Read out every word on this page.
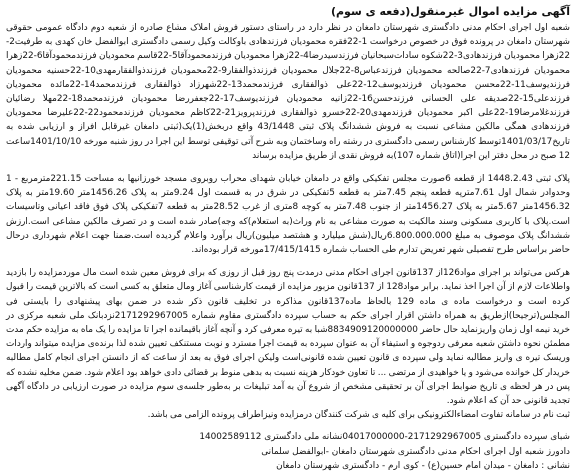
آگهی مزایده اموال غیرمنقول(دفعه ی سوم)

شعبه اول اجرای احکام مدنی دادگستری شهرستان دامغان در نظر دارد در راستای دستور فروش املاک مشاع صادره از شعبه دوم دادگاه عمومی حقوقی شهرستان دامغان در پرونده فوق در خصوص درخواست 1-22فقره محمودیان فرزندهادی باوکالت وکیل رسمی دادگستری ابوالفضل خان کهدی به طرفیت2-22زهرا محمودیان فرزندهادی3-22شکوه سادات‌سبحانیان فرزندسیدرضا4-22زهرا محمودیان فرزندمحمودآقا5-22قاسم محمودیان فرزندمحمودآقا6-22زهرا محمودیان فرزندهادی7-22صالحه محمودیان فرزندعباس8-22جلال محمودیان فرزندذوالفقار9-22محمودیان فرزندذوالفقارمهدی10-22حسنیه محمودیان فرزندیوسف11-22محسن محمودیان فرزندیوسف12-22علی ذوالفقاری فرزندمحمد13-22شهرزاد ذوالفقاری فرزندمحمد14-22مائده محمودیان فرزندعلی15-22صدیقه علی الحسانی فرزندحسن16-22زانیه محمودیان فرزندیوسف17-22جعفررضا محمودیان فرزندمحمد18-22مهلا رضائیان فرزندغلامرضا19-22علی اکبر محمودیان فرزندمهدی20-22خسرو ذوالفقاری فرزندپرویز21-22کاظم محمودیان فرزندمحمود22-22علیرضا محمودیان فرزندهادی همگی مالکین مشاعی نسبت به فروش ششدانگ پلاک ثبتی 43/1448 واقع دربخش(1)یک(ثبتی دامغان غیرقابل افراز و ارزیابی شده به تاریخ1401/03/17توسط کارشناس رسمی دادگستری در رشته راه وساختمان وبه شرح آتی توقیفی توسط این اجرا در روز شنبه مورخه 1401/10/10ساعت 12 صبح در محل دفتر این اجرا(اتاق شماره 107)به فروش نقدی از طریق مزایده برساند

پلاک ثبتی 1448.2.43 از قطعه 6صورت مجلس تفکیکی واقع در دامغان خیابان شهدای محراب روبروی مسجد خورزانیها به مساحت 221.15مترمربع - 1 وحدوادر شمال اول 7.61مترپه قطعه پنجم 7.45متر به قطعه 5تفکیکی در شرق در به قسمت اول 9.24متر به پلاک 1456.26متر 19.60متر به پلاک 1456.32متر 5.67متر به پلاک 1456.27متر از جنوب 7.48متر به کوچه 8متری از غرب 28.52متر به قطعه 7تفکیکی پلاک فوق فاقد اعیانی وتاسیسات است.پلاک با کاربری مسکونی وسند مالکیت به صورت مشاعی به نام وراث(به استعلام)که وجه)صادر شده است و در تصرف مالکین مشاعی است.ارزش ششدانگ پلاک موصوف به مبلغ 6.800.000.000ریال(شش میلیارد و هشتصد میلیون)ریال برآورد واعلام گردیده است.ضمنا جهت اعلام شهرداری درحال حاضر براساس طرح تفصیلی شهر تعریض تدارم طی الحساب شماره 17/415/1415مورخه قرار بوده‌اند.

هرکس می‌تواند بر اجرای مواد126از 137قانون اجرای احکام مدنی درمدت پنج روز قبل از روزی که برای فروش معین شده است مال موردمزایده را بازدید واطلاعات لازم از آن اجرا اخذ نماید. برابر مواد128 از 137قانون مزبور مزایده از قیمت کارشناسی آغاز ومال متعلق به کسی است که بالاترین قیمت را قبول کرده است و درخواست ماده ی ماده 129 بالحاظ ماده137قانون مذاکره در تخلیف قانون ذکر شده در ضمن بهای پیشنهادی را بایستی فی المجلس(ترجیحا)ازطریق به همراه داشتن اقرار اجرای حکم به حساب سپرده دادگستری مقاوم شماره 2171292967005نزدبانک ملی شعبه مرکزی در خرید نیمه اول زمان واریزنماید حال حاضر 8834909120000000شبا به تیره معرفی کرد و آنچه آغاز باقیمانده اجرا تا مزایده را یک ماه به مزایده حکم مدت مطمئن نحوه داشتن شعبه معرفی ردوجوه و استیفاء آن به عنوان سپرده به قیمت اجرا مسترد و نوبت مستنکف تعیین شده لذا برنده‌ی مزایده میتواند واردات وریسک تیره ی واریز مطالبه نماید ولی سپرده ی قانون تعیین شده قانونی‌است ولیکن اجرای فوق به بعد از ساعت که از دانستن اجرای انجام کامل مطالبه خریدار کل خوانده می‌شود و یا خواهیدی از مرتضی ... تا تعاون خودکار هزینه نسبت به بدهی منوط بر قضائی دادی خواهد بود اعلام شود. ضمن مخلیه نشده که پس در هر لحظه ی تاریخ ضوابط اجرای آن بر تحقیقی مشخص از شروع آن به آمد تبلیغات بر به‌طور جلسه‌ی سوم مزایده در صورت ارزیابی در دادگاه آگهی تجدید قانونی حد آن که اعلام شود.

ثبت نام در سامانه تفاوت امضاءالکترونیکی برای کلیه ی شرکت کنندگان درمزایده ونیزاطراف پرونده الزامی می باشد.

شبای سپرده دادگستری 2171292967005-04017000000نشانه ملی دادگستری 14002589112
دادورز شعبه اول اجرای احکام مدنی دادگستری شهرستان دامغان -ابوالفضل سلمانی
نشانی : دامغان - میدان امام حسین(ع) - کوی ارم - دادگستری شهرستان دامغان
